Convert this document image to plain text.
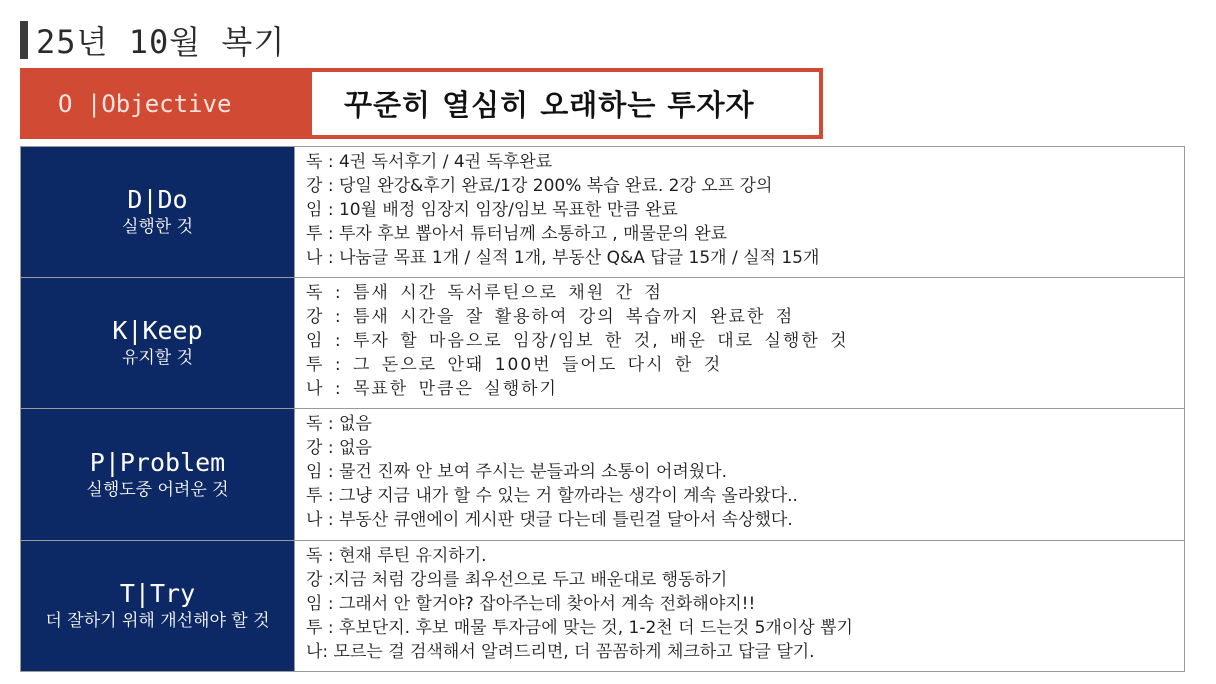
25년 10월 복기
O |Objective	꾸준히 열심히 오래하는 투자자
D|Do
실행한 것
독 : 4권 독서후기 / 4권 독후완료
강 : 당일 완강&후기 완료/1강 200% 복습 완료. 2강 오프 강의
임 : 10월 배정 임장지 임장/임보 목표한 만큼 완료
투 : 투자 후보 뽑아서 튜터님께 소통하고 , 매물문의 완료
나 : 나눔글 목표 1개 / 실적 1개, 부동산 Q&A 답글 15개 / 실적 15개
K|Keep
유지할 것
독 : 틈새 시간 독서루틴으로 채원 간 점
강 : 틈새 시간을 잘 활용하여 강의 복습까지 완료한 점
임 : 투자 할 마음으로 임장/임보 한 것, 배운 대로 실행한 것
투 : 그 돈으로 안돼 100번 들어도 다시 한 것
나 : 목표한 만큼은 실행하기
P|Problem
실행도중 어려운 것
독 : 없음
강 : 없음
임 : 물건 진짜 안 보여 주시는 분들과의 소통이 어려웠다.
투 : 그냥 지금 내가 할 수 있는 거 할까라는 생각이 계속 올라왔다..
나 : 부동산 큐앤에이 게시판 댓글 다는데 틀린걸 달아서 속상했다.
T|Try
더 잘하기 위해 개선해야 할 것
독 : 현재 루틴 유지하기.
강 :지금 처럼 강의를 최우선으로 두고 배운대로 행동하기
임 : 그래서 안 할거야? 잡아주는데 찾아서 계속 전화해야지!!
투 : 후보단지. 후보 매물 투자금에 맞는 것, 1-2천 더 드는것 5개이상 뽑기
나: 모르는 걸 검색해서 알려드리면, 더 꼼꼼하게 체크하고 답글 달기.
